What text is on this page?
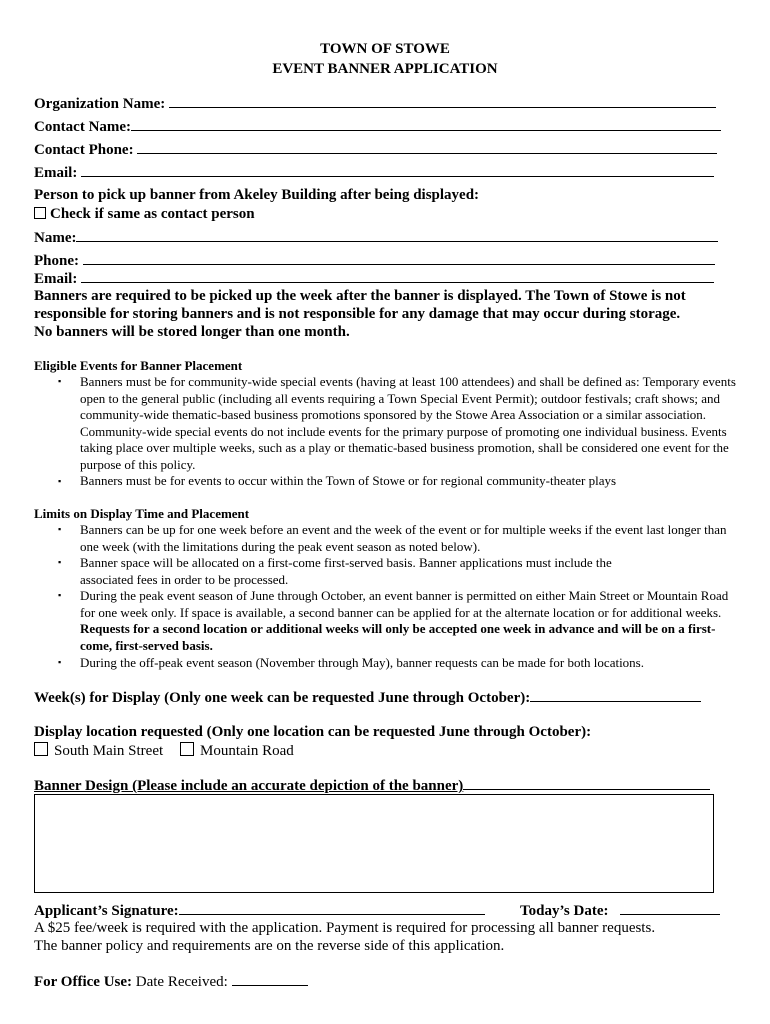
TOWN OF STOWE
EVENT BANNER APPLICATION
Organization Name:
Contact Name:
Contact Phone:
Email:
Person to pick up banner from Akeley Building after being displayed:
Check if same as contact person
Name:
Phone:
Email:
Banners are required to be picked up the week after the banner is displayed. The Town of Stowe is not
responsible for storing banners and is not responsible for any damage that may occur during storage.
No banners will be stored longer than one month.
Eligible Events for Banner Placement
▪ Banners must be for community-wide special events (having at least 100 attendees) and shall be defined as: Temporary events open to the general public (including all events requiring a Town Special Event Permit); outdoor festivals; craft shows; and community-wide thematic-based business promotions sponsored by the Stowe Area Association or a similar association. Community-wide special events do not include events for the primary purpose of promoting one individual business. Events taking place over multiple weeks, such as a play or thematic-based business promotion, shall be considered one event for the purpose of this policy.
▪ Banners must be for events to occur within the Town of Stowe or for regional community-theater plays
Limits on Display Time and Placement
▪ Banners can be up for one week before an event and the week of the event or for multiple weeks if the event last longer than one week (with the limitations during the peak event season as noted below).
▪ Banner space will be allocated on a first-come first-served basis. Banner applications must include the associated fees in order to be processed.
▪ During the peak event season of June through October, an event banner is permitted on either Main Street or Mountain Road for one week only. If space is available, a second banner can be applied for at the alternate location or for additional weeks. Requests for a second location or additional weeks will only be accepted one week in advance and will be on a first-come, first-served basis.
▪ During the off-peak event season (November through May), banner requests can be made for both locations.
Week(s) for Display (Only one week can be requested June through October):
Display location requested (Only one location can be requested June through October):
South Main Street	Mountain Road
Banner Design (Please include an accurate depiction of the banner)
Applicant’s Signature:	Today’s Date:
A $25 fee/week is required with the application. Payment is required for processing all banner requests.
The banner policy and requirements are on the reverse side of this application.
For Office Use: Date Received:
